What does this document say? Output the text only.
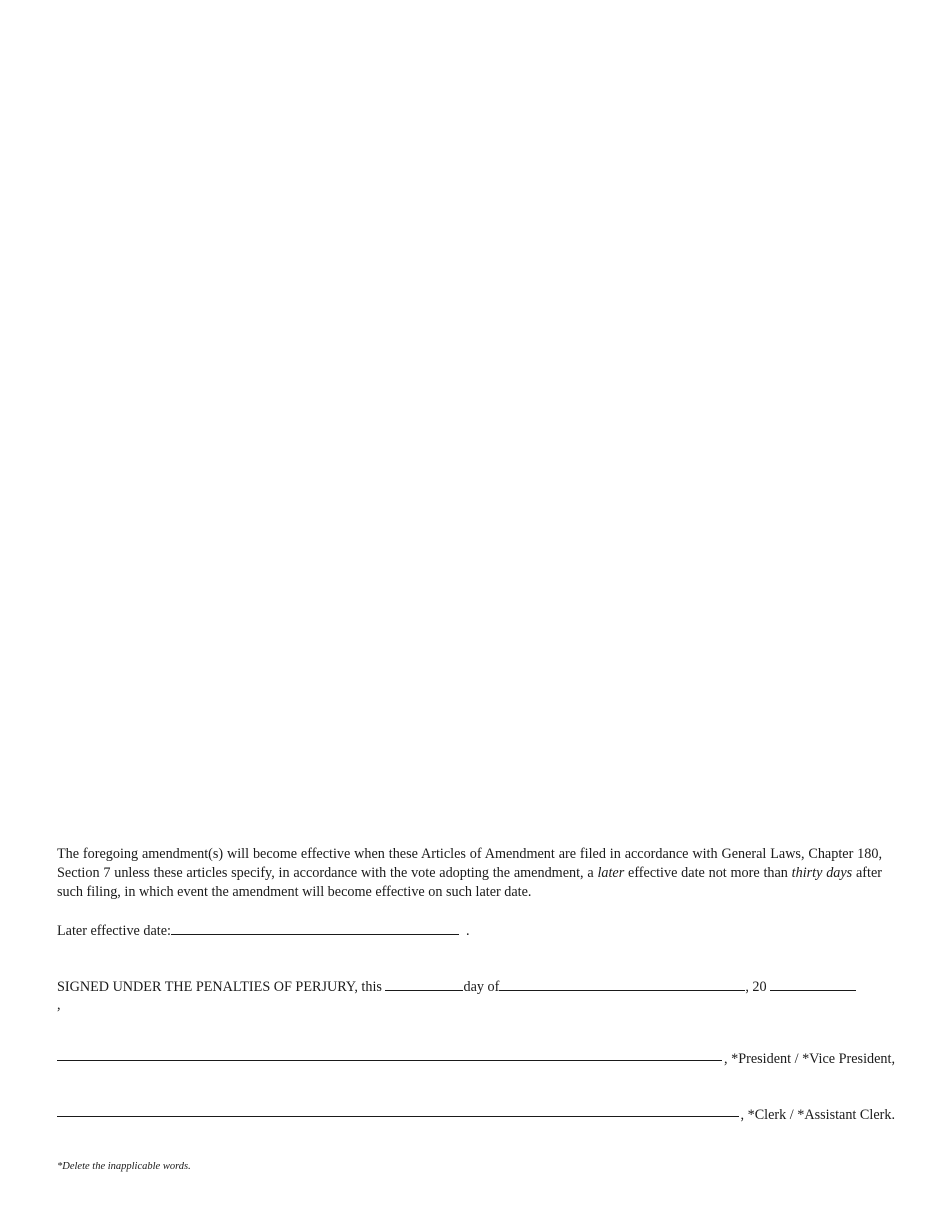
The foregoing amendment(s) will become effective when these Articles of Amendment are filed in accordance with General Laws, Chapter 180, Section 7 unless these articles specify, in accordance with the vote adopting the amendment, a later effective date not more than thirty days after such filing, in which event the amendment will become effective on such later date.

Later effective date:	.

SIGNED UNDER THE PENALTIES OF PERJURY, this	day of	, 20

,

, *President / *Vice President,
, *Clerk / *Assistant Clerk.

*Delete the inapplicable words.
